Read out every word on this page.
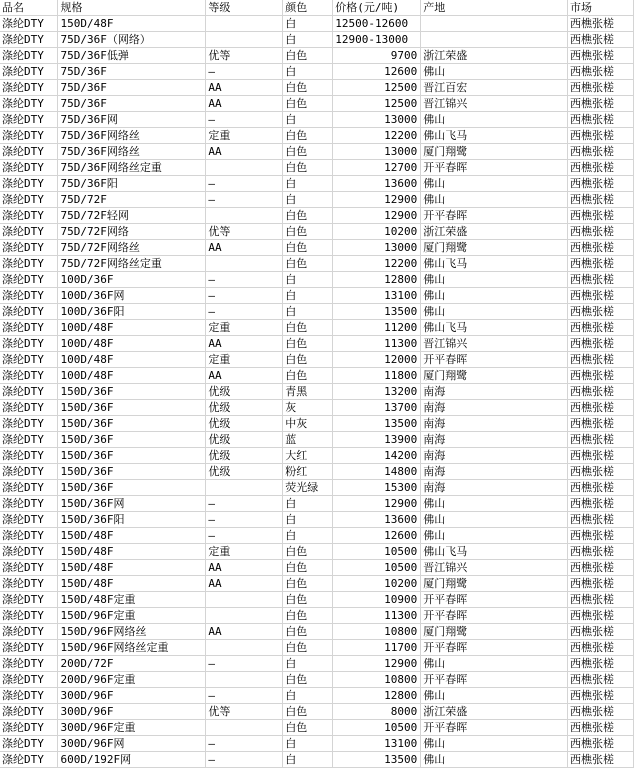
品名	规格	等级	颜色	价格(元/吨)	产地	市场
涤纶DTY	150D/48F		白	12500-12600		西樵张槎
涤纶DTY	75D/36F（网络）		白	12900-13000		西樵张槎
涤纶DTY	75D/36F低弹	优等	白色	9700	浙江荣盛	西樵张槎
涤纶DTY	75D/36F	—	白	12600	佛山	西樵张槎
涤纶DTY	75D/36F	AA	白色	12500	晋江百宏	西樵张槎
涤纶DTY	75D/36F	AA	白色	12500	晋江锦兴	西樵张槎
涤纶DTY	75D/36F网	—	白	13000	佛山	西樵张槎
涤纶DTY	75D/36F网络丝	定重	白色	12200	佛山飞马	西樵张槎
涤纶DTY	75D/36F网络丝	AA	白色	13000	厦门翔鹭	西樵张槎
涤纶DTY	75D/36F网络丝定重		白色	12700	开平春晖	西樵张槎
涤纶DTY	75D/36F阳	—	白	13600	佛山	西樵张槎
涤纶DTY	75D/72F	—	白	12900	佛山	西樵张槎
涤纶DTY	75D/72F轻网		白色	12900	开平春晖	西樵张槎
涤纶DTY	75D/72F网络	优等	白色	10200	浙江荣盛	西樵张槎
涤纶DTY	75D/72F网络丝	AA	白色	13000	厦门翔鹭	西樵张槎
涤纶DTY	75D/72F网络丝定重		白色	12200	佛山飞马	西樵张槎
涤纶DTY	100D/36F	—	白	12800	佛山	西樵张槎
涤纶DTY	100D/36F网	—	白	13100	佛山	西樵张槎
涤纶DTY	100D/36F阳	—	白	13500	佛山	西樵张槎
涤纶DTY	100D/48F	定重	白色	11200	佛山飞马	西樵张槎
涤纶DTY	100D/48F	AA	白色	11300	晋江锦兴	西樵张槎
涤纶DTY	100D/48F	定重	白色	12000	开平春晖	西樵张槎
涤纶DTY	100D/48F	AA	白色	11800	厦门翔鹭	西樵张槎
涤纶DTY	150D/36F	优级	青黑	13200	南海	西樵张槎
涤纶DTY	150D/36F	优级	灰	13700	南海	西樵张槎
涤纶DTY	150D/36F	优级	中灰	13500	南海	西樵张槎
涤纶DTY	150D/36F	优级	蓝	13900	南海	西樵张槎
涤纶DTY	150D/36F	优级	大红	14200	南海	西樵张槎
涤纶DTY	150D/36F	优级	粉红	14800	南海	西樵张槎
涤纶DTY	150D/36F		荧光绿	15300	南海	西樵张槎
涤纶DTY	150D/36F网	—	白	12900	佛山	西樵张槎
涤纶DTY	150D/36F阳	—	白	13600	佛山	西樵张槎
涤纶DTY	150D/48F	—	白	12600	佛山	西樵张槎
涤纶DTY	150D/48F	定重	白色	10500	佛山飞马	西樵张槎
涤纶DTY	150D/48F	AA	白色	10500	晋江锦兴	西樵张槎
涤纶DTY	150D/48F	AA	白色	10200	厦门翔鹭	西樵张槎
涤纶DTY	150D/48F定重		白色	10900	开平春晖	西樵张槎
涤纶DTY	150D/96F定重		白色	11300	开平春晖	西樵张槎
涤纶DTY	150D/96F网络丝	AA	白色	10800	厦门翔鹭	西樵张槎
涤纶DTY	150D/96F网络丝定重		白色	11700	开平春晖	西樵张槎
涤纶DTY	200D/72F	—	白	12900	佛山	西樵张槎
涤纶DTY	200D/96F定重		白色	10800	开平春晖	西樵张槎
涤纶DTY	300D/96F	—	白	12800	佛山	西樵张槎
涤纶DTY	300D/96F	优等	白色	8000	浙江荣盛	西樵张槎
涤纶DTY	300D/96F定重		白色	10500	开平春晖	西樵张槎
涤纶DTY	300D/96F网	—	白	13100	佛山	西樵张槎
涤纶DTY	600D/192F网	—	白	13500	佛山	西樵张槎
